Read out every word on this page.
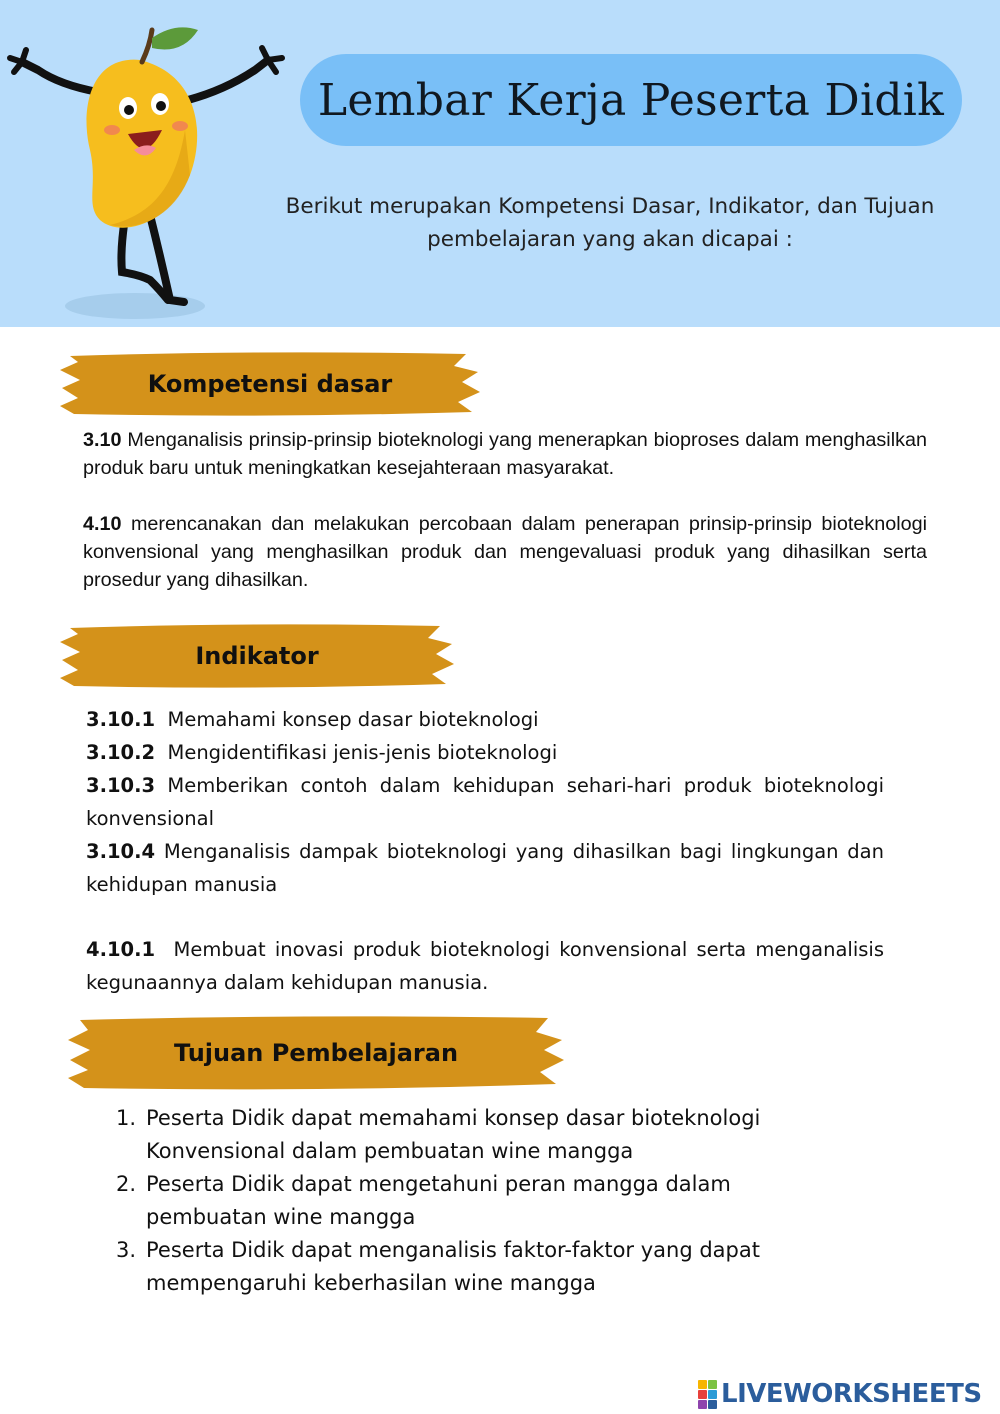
Lembar Kerja Peserta Didik
Berikut merupakan Kompetensi Dasar, Indikator, dan Tujuan pembelajaran yang akan dicapai :
Kompetensi dasar
3.10 Menganalisis prinsip-prinsip bioteknologi yang menerapkan bioproses dalam menghasilkan produk baru untuk meningkatkan kesejahteraan masyarakat.
4.10 merencanakan dan melakukan percobaan dalam penerapan prinsip-prinsip bioteknologi konvensional yang menghasilkan produk dan mengevaluasi produk yang dihasilkan serta prosedur yang dihasilkan.
Indikator
3.10.1 Memahami konsep dasar bioteknologi
3.10.2 Mengidentifikasi jenis-jenis bioteknologi
3.10.3 Memberikan contoh dalam kehidupan sehari-hari produk bioteknologi konvensional
3.10.4 Menganalisis dampak bioteknologi yang dihasilkan bagi lingkungan dan kehidupan manusia
4.10.1 Membuat inovasi produk bioteknologi konvensional serta menganalisis kegunaannya dalam kehidupan manusia.
Tujuan Pembelajaran
1. Peserta Didik dapat memahami konsep dasar bioteknologi Konvensional dalam pembuatan wine mangga
2. Peserta Didik dapat mengetahuni peran mangga dalam pembuatan wine mangga
3. Peserta Didik dapat menganalisis faktor-faktor yang dapat mempengaruhi keberhasilan wine mangga
LIVEWORKSHEETS
